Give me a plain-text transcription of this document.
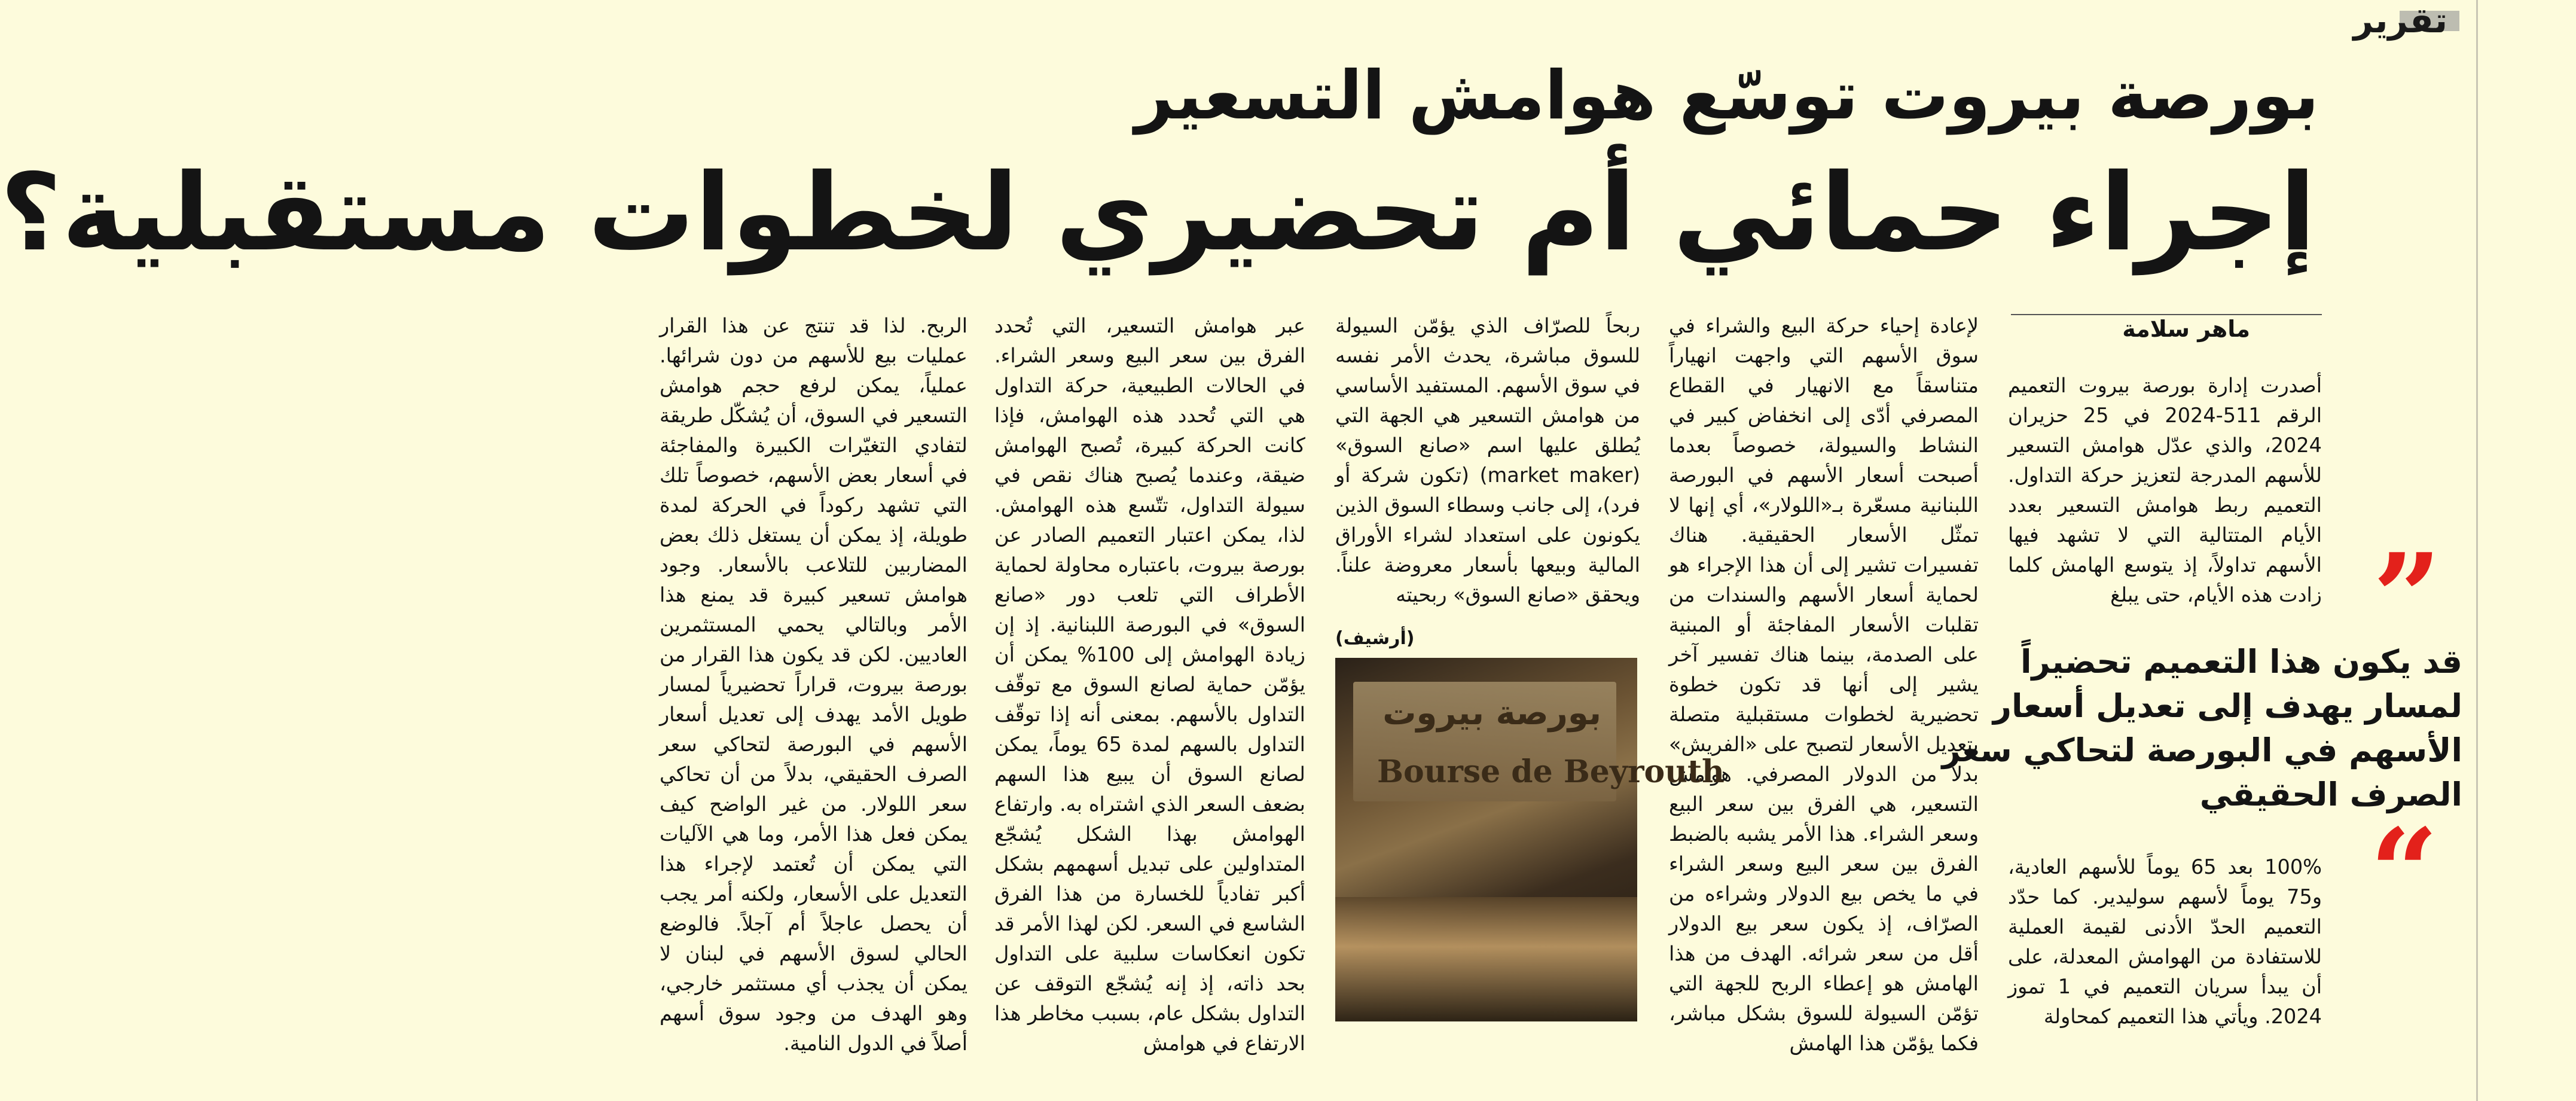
تقرير
بورصة بيروت توسّع هوامش التسعير
إجراء حمائي أم تحضيري لخطوات مستقبلية؟
ماهر سلامة
أصدرت إدارة بورصة بيروت التعميم الرقم 511-2024 في 25 حزيران 2024، والذي عدّل هوامش التسعير للأسهم المدرجة لتعزيز حركة التداول. التعميم ربط هوامش التسعير بعدد الأيام المتتالية التي لا تشهد فيها الأسهم تداولاً، إذ يتوسع الهامش كلما زادت هذه الأيام، حتى يبلغ ”
قد يكون هذا التعميم تحضيراً لمسار يهدف إلى تعديل أسعار الأسهم في البورصة لتحاكي سعر الصرف الحقيقي
“
100% بعد 65 يوماً للأسهم العادية، و75 يوماً لأسهم سوليدير. كما حدّد التعميم الحدّ الأدنى لقيمة العملية للاستفادة من الهوامش المعدلة، على أن يبدأ سريان التعميم في 1 تموز 2024. ويأتي هذا التعميم كمحاولة
لإعادة إحياء حركة البيع والشراء في سوق الأسهم التي واجهت انهياراً متناسقاً مع الانهيار في القطاع المصرفي أدّى إلى انخفاض كبير في النشاط والسيولة، خصوصاً بعدما أصبحت أسعار الأسهم في البورصة اللبنانية مسعّرة بـ«اللولار»، أي إنها لا تمثّل الأسعار الحقيقية. هناك تفسيرات تشير إلى أن هذا الإجراء هو لحماية أسعار الأسهم والسندات من تقلبات الأسعار المفاجئة أو المبنية على الصدمة، بينما هناك تفسير آخر يشير إلى أنها قد تكون خطوة تحضيرية لخطوات مستقبلية متصلة بتعديل الأسعار لتصبح على «الفريش» بدلاً من الدولار المصرفي. هوامش التسعير، هي الفرق بين سعر البيع وسعر الشراء. هذا الأمر يشبه بالضبط الفرق بين سعر البيع وسعر الشراء في ما يخص بيع الدولار وشراءه من الصرّاف، إذ يكون سعر بيع الدولار أقل من سعر شرائه. الهدف من هذا الهامش هو إعطاء الربح للجهة التي تؤمّن السيولة للسوق بشكل مباشر، فكما يؤمّن هذا الهامش
ربحاً للصرّاف الذي يؤمّن السيولة للسوق مباشرة، يحدث الأمر نفسه في سوق الأسهم. المستفيد الأساسي من هوامش التسعير هي الجهة التي يُطلق عليها اسم «صانع السوق» (market maker) (تكون شركة أو فرد)، إلى جانب وسطاء السوق الذين يكونون على استعداد لشراء الأوراق المالية وبيعها بأسعار معروضة علناً. ويحقق «صانع السوق» ربحيته
(أرشيف)
بورصة بيروت
Bourse de Beyrouth
عبر هوامش التسعير، التي تُحدد الفرق بين سعر البيع وسعر الشراء. في الحالات الطبيعية، حركة التداول هي التي تُحدد هذه الهوامش، فإذا كانت الحركة كبيرة، تُصبح الهوامش ضيقة، وعندما يُصبح هناك نقص في سيولة التداول، تتّسع هذه الهوامش. لذا، يمكن اعتبار التعميم الصادر عن بورصة بيروت، باعتباره محاولة لحماية الأطراف التي تلعب دور «صانع السوق» في البورصة اللبنانية. إذ إن زيادة الهوامش إلى 100% يمكن أن يؤمّن حماية لصانع السوق مع توقّف التداول بالأسهم. بمعنى أنه إذا توقّف التداول بالسهم لمدة 65 يوماً، يمكن لصانع السوق أن يبيع هذا السهم بضعف السعر الذي اشتراه به. وارتفاع الهوامش بهذا الشكل يُشجّع المتداولين على تبديل أسهمهم بشكل أكبر تفادياً للخسارة من هذا الفرق الشاسع في السعر. لكن لهذا الأمر قد تكون انعكاسات سلبية على التداول بحد ذاته، إذ إنه يُشجّع التوقف عن التداول بشكل عام، بسبب مخاطر هذا الارتفاع في هوامش
الربح. لذا قد تنتج عن هذا القرار عمليات بيع للأسهم من دون شرائها. عملياً، يمكن لرفع حجم هوامش التسعير في السوق، أن يُشكّل طريقة لتفادي التغيّرات الكبيرة والمفاجئة في أسعار بعض الأسهم، خصوصاً تلك التي تشهد ركوداً في الحركة لمدة طويلة، إذ يمكن أن يستغل ذلك بعض المضاربين للتلاعب بالأسعار. وجود هوامش تسعير كبيرة قد يمنع هذا الأمر وبالتالي يحمي المستثمرين العاديين. لكن قد يكون هذا القرار من بورصة بيروت، قراراً تحضيرياً لمسار طويل الأمد يهدف إلى تعديل أسعار الأسهم في البورصة لتحاكي سعر الصرف الحقيقي، بدلاً من أن تحاكي سعر اللولار. من غير الواضح كيف يمكن فعل هذا الأمر، وما هي الآليات التي يمكن أن تُعتمد لإجراء هذا التعديل على الأسعار، ولكنه أمر يجب أن يحصل عاجلاً أم آجلاً. فالوضع الحالي لسوق الأسهم في لبنان لا يمكن أن يجذب أي مستثمر خارجي، وهو الهدف من وجود سوق أسهم أصلاً في الدول النامية.
